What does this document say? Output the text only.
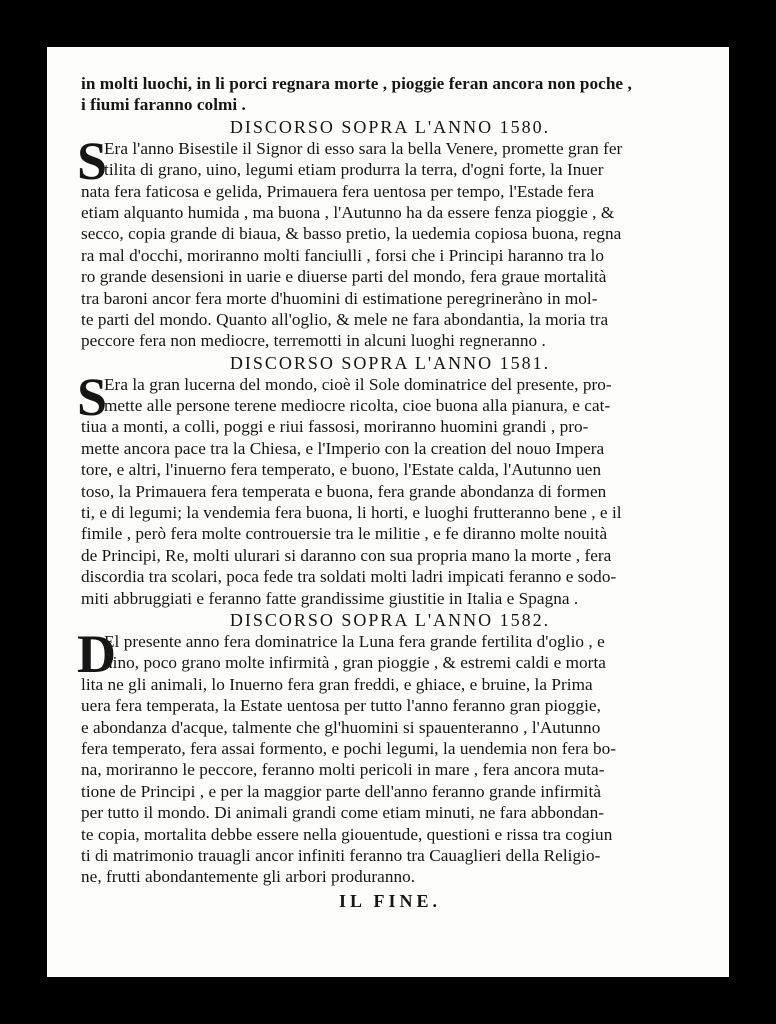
in molti luochi, in li porci regnara morte , pioggie feran ancora non poche ,
i fiumi faranno colmi .
DISCORSO SOPRA L'ANNO 1580.
S
Era l'anno Bisestile il Signor di esso sara la bella Venere, promette gran fer
tilita di grano, uino, legumi etiam produrra la terra, d'ogni forte, la Inuer
nata fera faticosa e gelida, Primauera fera uentosa per tempo, l'Estade fera
etiam alquanto humida , ma buona , l'Autunno ha da essere fenza pioggie , &
secco, copia grande di biaua, & basso pretio, la uedemia copiosa buona, regna
ra mal d'occhi, moriranno molti fanciulli , forsi che i Principi haranno tra lo
ro grande desensioni in uarie e diuerse parti del mondo, fera graue mortalità
tra baroni ancor fera morte d'huomini di estimatione peregrineràno in mol-
te parti del mondo. Quanto all'oglio, & mele ne fara abondantia, la moria tra
peccore fera non mediocre, terremotti in alcuni luoghi regneranno .
DISCORSO SOPRA L'ANNO 1581.
S
Era la gran lucerna del mondo, cioè il Sole dominatrice del presente, pro-
mette alle persone terene mediocre ricolta, cioe buona alla pianura, e cat-
tiua a monti, a colli, poggi e riui fassosi, moriranno huomini grandi , pro-
mette ancora pace tra la Chiesa, e l'Imperio con la creation del nouo Impera
tore, e altri, l'inuerno fera temperato, e buono, l'Estate calda, l'Autunno uen
toso, la Primauera fera temperata e buona, fera grande abondanza di formen
ti, e di legumi; la vendemia fera buona, li horti, e luoghi frutteranno bene , e il
fimile , però fera molte controuersie tra le militie , e fe diranno molte nouità
de Principi, Re, molti ulurari si daranno con sua propria mano la morte , fera
discordia tra scolari, poca fede tra soldati molti ladri impicati feranno e sodo-
miti abbruggiati e feranno fatte grandissime giustitie in Italia e Spagna .
DISCORSO SOPRA L'ANNO 1582.
D
El presente anno fera dominatrice la Luna fera grande fertilita d'oglio , e
uino, poco grano molte infirmità , gran pioggie , & estremi caldi e morta
lita ne gli animali, lo Inuerno fera gran freddi, e ghiace, e bruine, la Prima
uera fera temperata, la Estate uentosa per tutto l'anno feranno gran pioggie,
e abondanza d'acque, talmente che gl'huomini si spauenteranno , l'Autunno
fera temperato, fera assai formento, e pochi legumi, la uendemia non fera bo-
na, moriranno le peccore, feranno molti pericoli in mare , fera ancora muta-
tione de Principi , e per la maggior parte dell'anno feranno grande infirmità
per tutto il mondo. Di animali grandi come etiam minuti, ne fara abbondan-
te copia, mortalita debbe essere nella giouentude, questioni e rissa tra cogiun
ti di matrimonio trauagli ancor infiniti feranno tra Cauaglieri della Religio-
ne, frutti abondantemente gli arbori produranno.
IL FINE.
